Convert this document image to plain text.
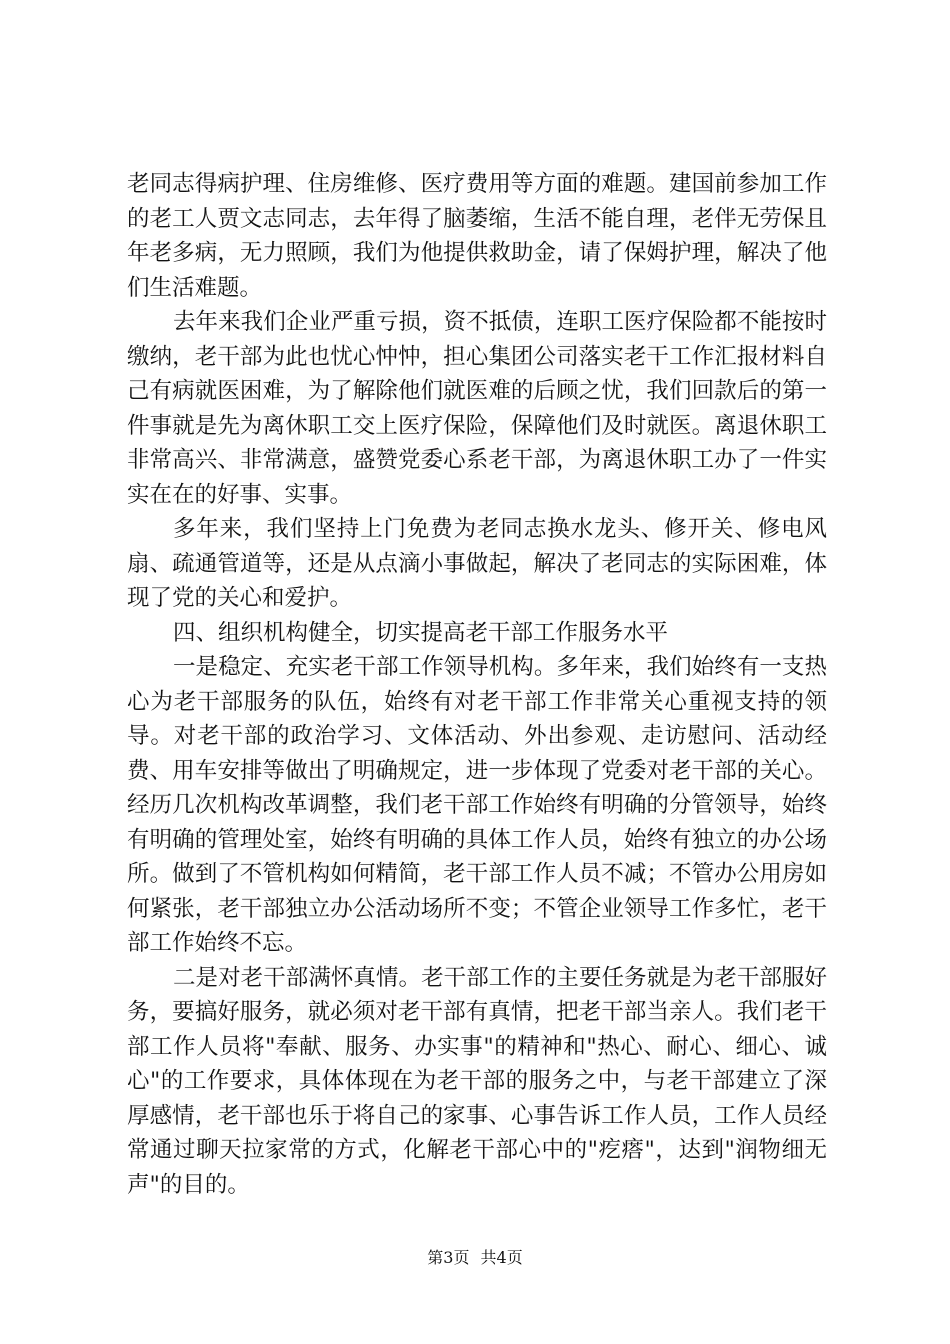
老同志得病护理、住房维修、医疗费用等方面的难题。建国前参加工作的老工人贾文志同志，去年得了脑萎缩，生活不能自理，老伴无劳保且年老多病，无力照顾，我们为他提供救助金，请了保姆护理，解决了他们生活难题。

去年来我们企业严重亏损，资不抵债，连职工医疗保险都不能按时缴纳，老干部为此也忧心忡忡，担心集团公司落实老干工作汇报材料自己有病就医困难，为了解除他们就医难的后顾之忧，我们回款后的第一件事就是先为离休职工交上医疗保险，保障他们及时就医。离退休职工非常高兴、非常满意，盛赞党委心系老干部，为离退休职工办了一件实实在在的好事、实事。

多年来，我们坚持上门免费为老同志换水龙头、修开关、修电风扇、疏通管道等，还是从点滴小事做起，解决了老同志的实际困难，体现了党的关心和爱护。

四、组织机构健全，切实提高老干部工作服务水平

一是稳定、充实老干部工作领导机构。多年来，我们始终有一支热心为老干部服务的队伍，始终有对老干部工作非常关心重视支持的领导。对老干部的政治学习、文体活动、外出参观、走访慰问、活动经费、用车安排等做出了明确规定，进一步体现了党委对老干部的关心。经历几次机构改革调整，我们老干部工作始终有明确的分管领导，始终有明确的管理处室，始终有明确的具体工作人员，始终有独立的办公场所。做到了不管机构如何精简，老干部工作人员不减；不管办公用房如何紧张，老干部独立办公活动场所不变；不管企业领导工作多忙，老干部工作始终不忘。

二是对老干部满怀真情。老干部工作的主要任务就是为老干部服好务，要搞好服务，就必须对老干部有真情，把老干部当亲人。我们老干部工作人员将"奉献、服务、办实事"的精神和"热心、耐心、细心、诚心"的工作要求，具体体现在为老干部的服务之中，与老干部建立了深厚感情，老干部也乐于将自己的家事、心事告诉工作人员，工作人员经常通过聊天拉家常的方式，化解老干部心中的"疙瘩"，达到"润物细无声"的目的。

第3页 共4页
